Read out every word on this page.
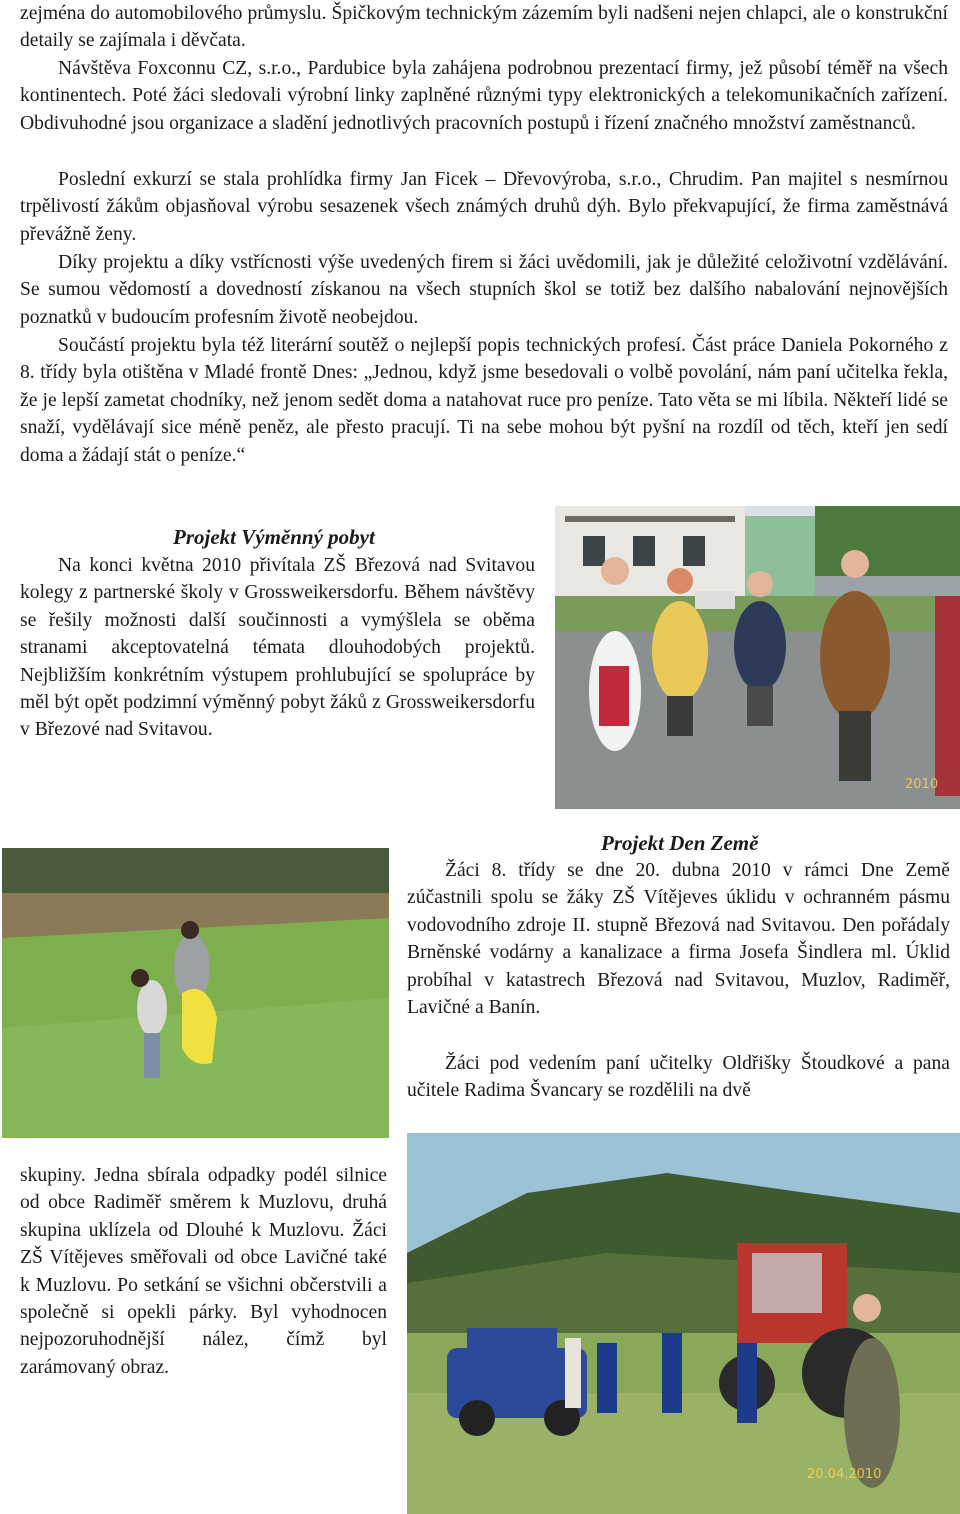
zejména do automobilového průmyslu. Špičkovým technickým zázemím byli nadšeni nejen chlapci, ale o konstrukční detaily se zajímala i děvčata.

Návštěva Foxconnu CZ, s.r.o., Pardubice byla zahájena podrobnou prezentací firmy, jež působí téměř na všech kontinentech. Poté žáci sledovali výrobní linky zaplněné různými typy elektronických a telekomunikačních zařízení. Obdivuhodné jsou organizace a sladění jednotlivých pracovních postupů i řízení značného množství zaměstnanců.

Poslední exkurzí se stala prohlídka firmy Jan Ficek – Dřevovýroba, s.r.o., Chrudim. Pan majitel s nesmírnou trpělivostí žákům objasňoval výrobu sesazenek všech známých druhů dýh. Bylo překvapující, že firma zaměstnává převážně ženy.

Díky projektu a díky vstřícnosti výše uvedených firem si žáci uvědomili, jak je důležité celoživotní vzdělávání. Se sumou vědomostí a dovedností získanou na všech stupních škol se totiž bez dalšího nabalování nejnovějších poznatků v budoucím profesním životě neobejdou.

Součástí projektu byla též literární soutěž o nejlepší popis technických profesí. Část práce Daniela Pokorného z 8. třídy byla otištěna v Mladé frontě Dnes: „Jednou, když jsme besedovali o volbě povolání, nám paní učitelka řekla, že je lepší zametat chodníky, než jenom sedět doma a natahovat ruce pro peníze. Tato věta se mi líbila. Někteří lidé se snaží, vydělávají sice méně peněz, ale přesto pracují. Ti na sebe mohou být pyšní na rozdíl od těch, kteří jen sedí doma a žádají stát o peníze.“

Projekt Výměnný pobyt

Na konci května 2010 přivítala ZŠ Březová nad Svitavou kolegy z partnerské školy v Grossweikersdorfu. Během návštěvy se řešily možnosti další součinnosti a vymýšlela se oběma stranami akceptovatelná témata dlouhodobých projektů. Nejbližším konkrétním výstupem prohlubující se spolupráce by měl být opět podzimní výměnný pobyt žáků z Grossweikersdorfu v Březové nad Svitavou.

2010
Projekt Den Země

Žáci 8. třídy se dne 20. dubna 2010 v rámci Dne Země zúčastnili spolu se žáky ZŠ Vítějeves úklidu v ochranném pásmu vodovodního zdroje II. stupně Březová nad Svitavou. Den pořádaly Brněnské vodárny a kanalizace a firma Josefa Šindlera ml. Úklid probíhal v katastrech Březová nad Svitavou, Muzlov, Radiměř, Lavičné a Banín.

Žáci pod vedením paní učitelky Oldřišky Štoudkové a pana učitele Radima Švancary se rozdělili na dvě

skupiny. Jedna sbírala odpadky podél silnice od obce Radiměř směrem k Muzlovu, druhá skupina uklízela od Dlouhé k Muzlovu. Žáci ZŠ Vítějeves směřovali od obce Lavičné také k Muzlovu. Po setkání se všichni občerstvili a společně si opekli párky. Byl vyhodnocen nejpozoruhodnější nález, čímž byl zarámovaný obraz.

20.04.2010
